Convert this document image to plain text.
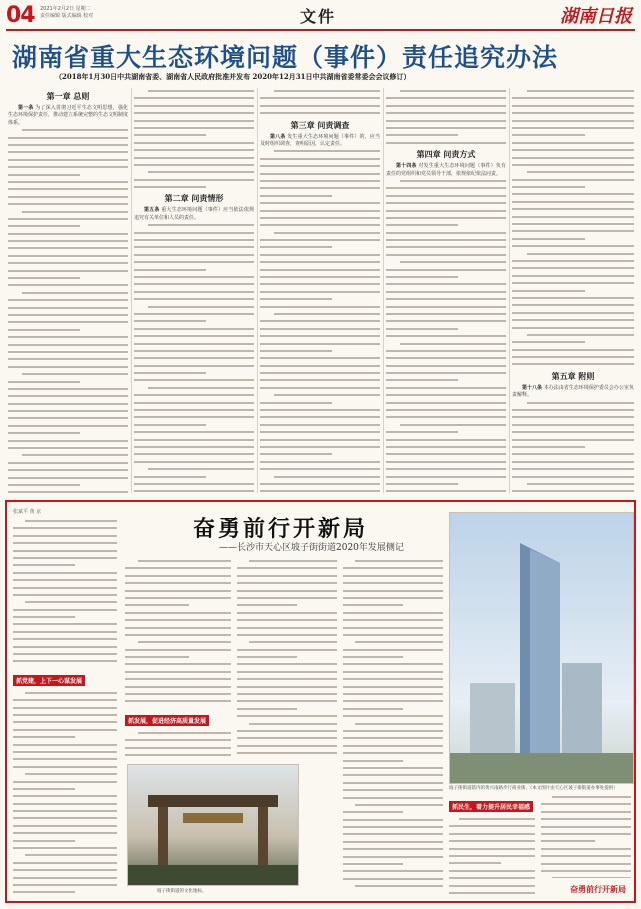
04 2021年2月2日 星期二
责任编辑 版式编辑 校对	文件	湖南日报
湖南省重大生态环境问题（事件）责任追究办法
（2018年1月30日中共湖南省委、湖南省人民政府批准并发布 2020年12月31日中共湖南省委常委会会议修订）
第一章 总则

第一条 为了深入贯彻习近平生态文明思想，强化生态环境保护责任，推动建立系统完整的生态文明制度体系。

第二章 问责情形

第五条 重大生态环境问题（事件）应当依法依规追究有关单位和人员的责任。

第三章 问责调查

第八条 发生重大生态环境问题（事件）的，应当及时组织调查，查明原因，认定责任。

第四章 问责方式

第十四条 对发生重大生态环境问题（事件）负有责任的党组织和党员领导干部，依规依纪依法问责。

第五章 附则

第十八条 本办法由省生态环境保护委员会办公室负责解释。

张斌平 黄 京
奋勇前行开新局
——长沙市天心区坡子街街道2020年发展侧记
抓党建，上下一心谋发展
抓发展，促进经济高质量发展
坡子街街道辖内的黄兴南路步行商业街。（本文图片由天心区坡子街街道办事处提供）
抓民生，着力提升居民幸福感
坡子街街道的文化地标。	奋勇前行开新局
